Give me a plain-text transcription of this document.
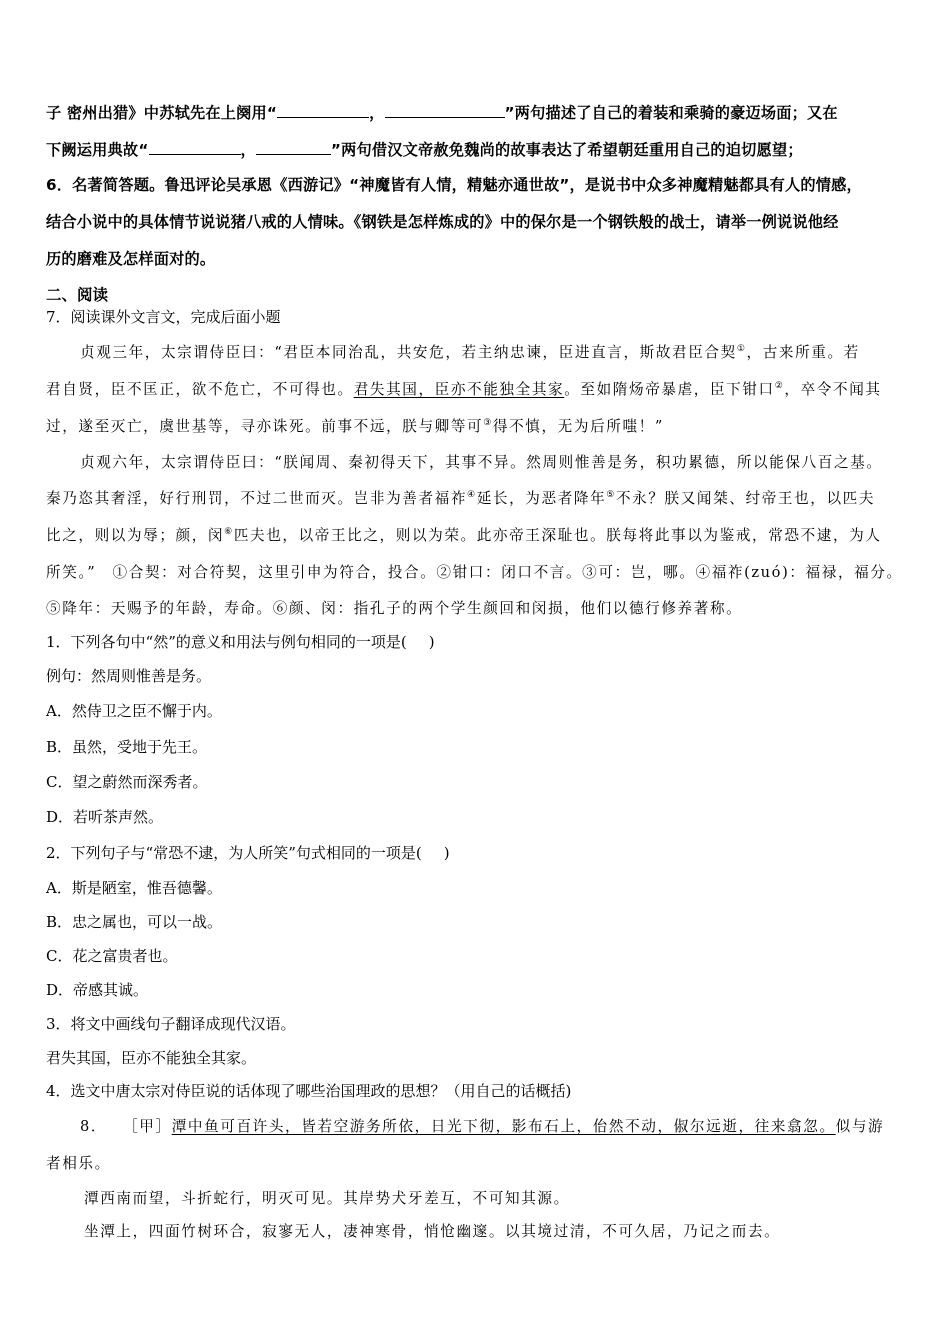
子 密州出猎》中苏轼先在上阕用“	，	”两句描述了自己的着装和乘骑的豪迈场面；又在
下阙运用典故“	，	”两句借汉文帝赦免魏尚的故事表达了希望朝廷重用自己的迫切愿望；
6．名著简答题。鲁迅评论吴承恩《西游记》“神魔皆有人情，精魅亦通世故”，是说书中众多神魔精魅都具有人的情感，
结合小说中的具体情节说说猪八戒的人情味。《钢铁是怎样炼成的》中的保尔是一个钢铁般的战士，请举一例说说他经
历的磨难及怎样面对的。
二、阅读
7．阅读课外文言文，完成后面小题
贞观三年，太宗谓侍臣曰：“君臣本同治乱，共安危，若主纳忠谏，臣进直言，斯故君臣合契①，古来所重。若
君自贤，臣不匡正，欲不危亡，不可得也。君失其国，臣亦不能独全其家。至如隋炀帝暴虐，臣下钳口②，卒令不闻其
过，遂至灭亡，虞世基等，寻亦诛死。前事不远，朕与卿等可③得不慎，无为后所嗤！”
贞观六年，太宗谓侍臣曰：“朕闻周、秦初得天下，其事不异。然周则惟善是务，积功累德，所以能保八百之基。
秦乃恣其奢淫，好行刑罚，不过二世而灭。岂非为善者福祚④延长，为恶者降年⑤不永？朕又闻桀、纣帝王也，以匹夫
比之，则以为辱；颜，闵⑥匹夫也，以帝王比之，则以为荣。此亦帝王深耻也。朕每将此事以为鉴戒，常恐不逮，为人
所笑。”　①合契：对合符契，这里引申为符合，投合。②钳口：闭口不言。③可：岂，哪。④福祚(zuó)：福禄，福分。
⑤降年：天赐予的年龄，寿命。⑥颜、闵：指孔子的两个学生颜回和闵损，他们以德行修养著称。
1．下列各句中“然”的意义和用法与例句相同的一项是( )
例句：然周则惟善是务。
A．然侍卫之臣不懈于内。
B．虽然，受地于先王。
C．望之蔚然而深秀者。
D．若听茶声然。
2．下列句子与“常恐不逮，为人所笑”句式相同的一项是( )
A．斯是陋室，惟吾德馨。
B．忠之属也，可以一战。
C．花之富贵者也。
D．帝感其诚。
3．将文中画线句子翻译成现代汉语。
君失其国，臣亦不能独全其家。
4．选文中唐太宗对侍臣说的话体现了哪些治国理政的思想？（用自己的话概括)
8． ［甲］潭中鱼可百许头，皆若空游务所依，日光下彻，影布石上，佁然不动，俶尔远逝，往来翕忽。似与游
者相乐。
潭西南而望，斗折蛇行，明灭可见。其岸势犬牙差互，不可知其源。
坐潭上，四面竹树环合，寂寥无人，凄神寒骨，悄怆幽邃。以其境过清，不可久居，乃记之而去。
